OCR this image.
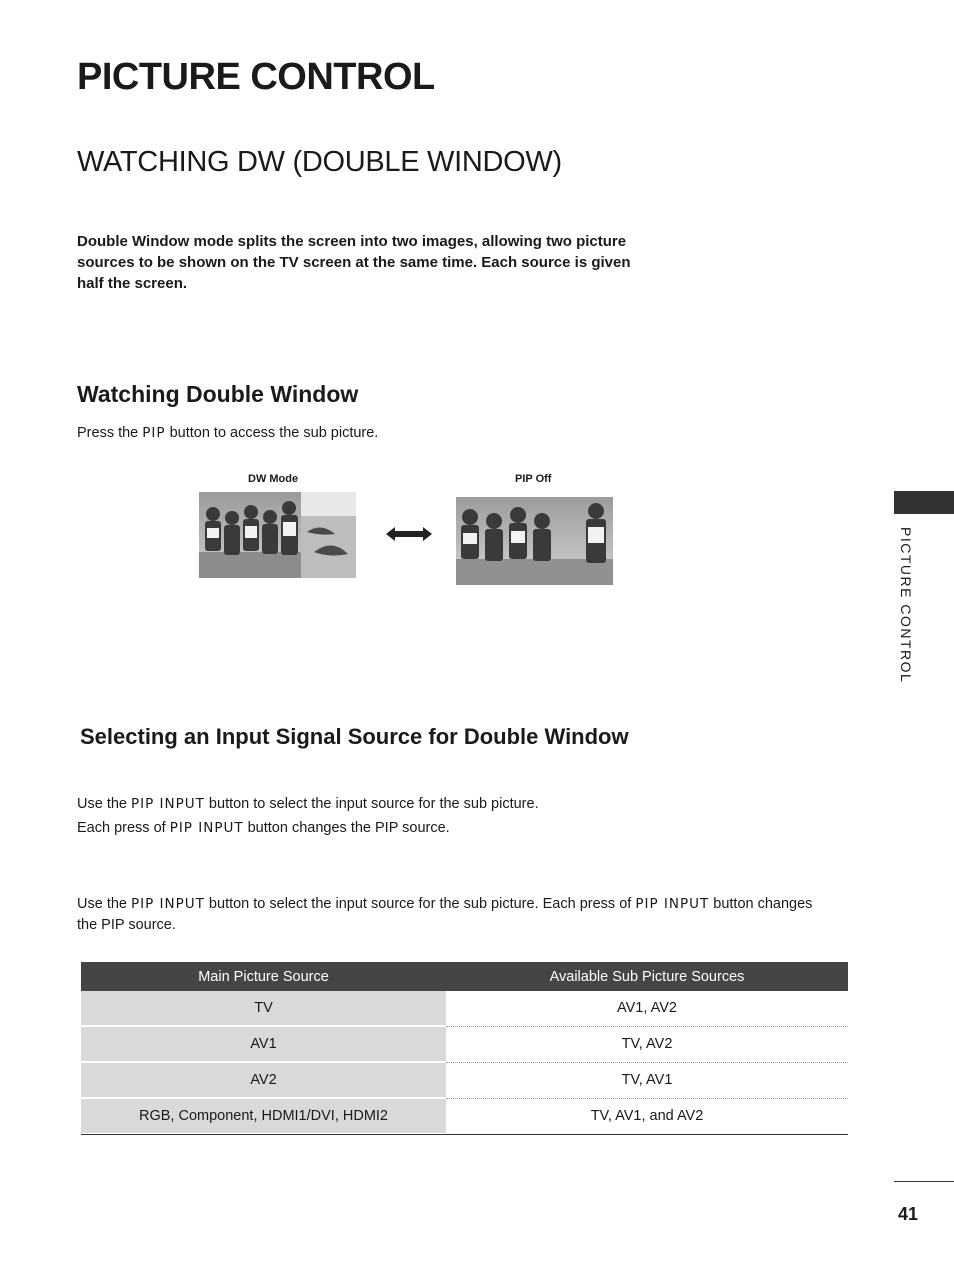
PICTURE CONTROL
WATCHING DW (DOUBLE WINDOW)

Double Window mode splits the screen into two images, allowing two picture sources to be shown on the TV screen at the same time. Each source is given half the screen.

Watching Double Window

Press the PIP button to access the sub picture.

DW Mode	PIP Off
Selecting an Input Signal Source for Double Window

Use the PIP INPUT button to select the input source for the sub picture.

Each press of PIP INPUT button changes the PIP source.

Use the PIP INPUT button to select the input source for the sub picture. Each press of PIP INPUT button changes the PIP source.

Main Picture Source	Available Sub Picture Sources
TV	AV1, AV2
AV1	TV, AV2
AV2	TV, AV1
RGB, Component, HDMI1/DVI, HDMI2	TV, AV1, and AV2
PICTURE CONTROL
41
